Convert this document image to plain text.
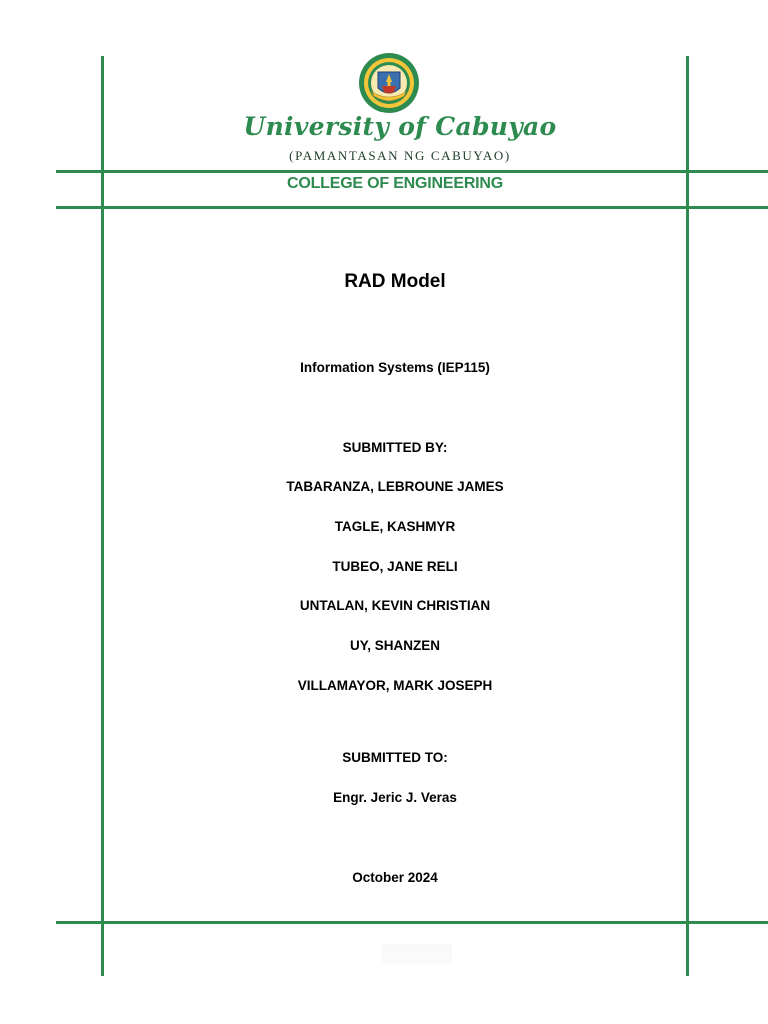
University of Cabuyao
(PAMANTASAN NG CABUYAO)
COLLEGE OF ENGINEERING
RAD Model
Information Systems (IEP115)
SUBMITTED BY:
TABARANZA, LEBROUNE JAMES
TAGLE, KASHMYR
TUBEO, JANE RELI
UNTALAN, KEVIN CHRISTIAN
UY, SHANZEN
VILLAMAYOR, MARK JOSEPH
SUBMITTED TO:
Engr. Jeric J. Veras
October 2024
